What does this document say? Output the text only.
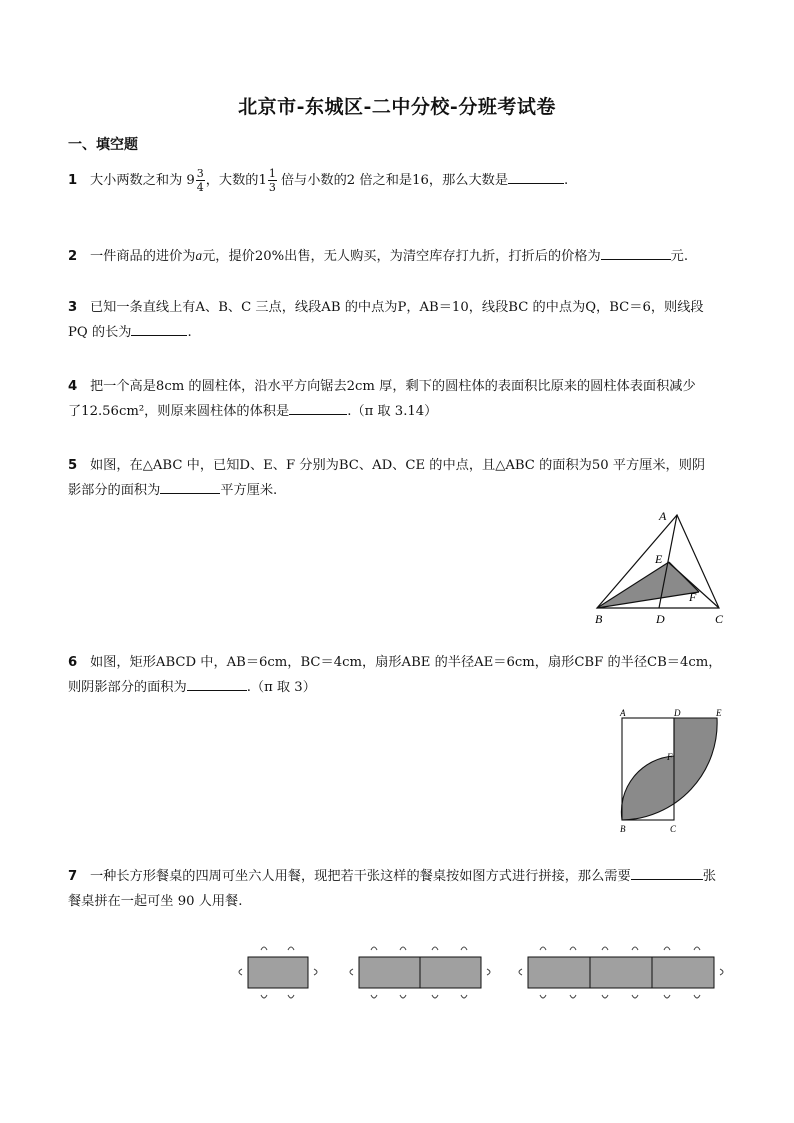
北京市-东城区-二中分校-分班考试卷
一、填空题
1 大小两数之和为 $9 \frac{3}{4}$ ，大数的$1 \frac{1}{3}$ 倍与小数的2 倍之和是16，那么大数是	.
2 一件商品的进价为a元，提价20%出售，无人购买，为清空库存打九折，打折后的价格为	元.
3 已知一条直线上有A、B、C 三点，线段AB 的中点为P，AB＝10，线段BC 的中点为Q，BC＝6，则线段
PQ 的长为	.
4 把一个高是8cm 的圆柱体，沿水平方向锯去2cm 厚，剩下的圆柱体的表面积比原来的圆柱体表面积减少
了12.56cm²，则原来圆柱体的体积是	.（π 取 3.14）
5 如图，在△ABC 中，已知D、E、F 分别为BC、AD、CE 的中点，且△ABC 的面积为50 平方厘米，则阴
影部分的面积为	平方厘米.
A
E
F
B	D	C
6 如图，矩形ABCD 中，AB＝6cm，BC＝4cm，扇形ABE 的半径AE＝6cm，扇形CBF 的半径CB＝4cm，
则阴影部分的面积为	.（π 取 3）
A	D	E
F
B	C
7 一种长方形餐桌的四周可坐六人用餐，现把若干张这样的餐桌按如图方式进行拼接，那么需要	张
餐桌拼在一起可坐 90 人用餐.
